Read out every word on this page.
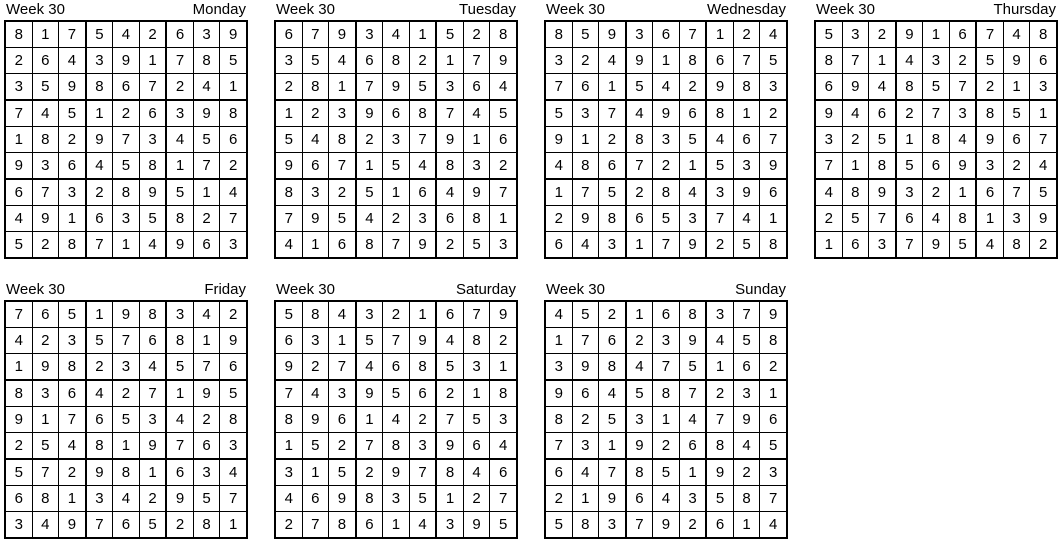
Week 30	Monday
8	1	7	5	4	2	6	3	9
2	6	4	3	9	1	7	8	5
3	5	9	8	6	7	2	4	1
7	4	5	1	2	6	3	9	8
1	8	2	9	7	3	4	5	6
9	3	6	4	5	8	1	7	2
6	7	3	2	8	9	5	1	4
4	9	1	6	3	5	8	2	7
5	2	8	7	1	4	9	6	3
Week 30	Tuesday
6	7	9	3	4	1	5	2	8
3	5	4	6	8	2	1	7	9
2	8	1	7	9	5	3	6	4
1	2	3	9	6	8	7	4	5
5	4	8	2	3	7	9	1	6
9	6	7	1	5	4	8	3	2
8	3	2	5	1	6	4	9	7
7	9	5	4	2	3	6	8	1
4	1	6	8	7	9	2	5	3
Week 30	Wednesday
8	5	9	3	6	7	1	2	4
3	2	4	9	1	8	6	7	5
7	6	1	5	4	2	9	8	3
5	3	7	4	9	6	8	1	2
9	1	2	8	3	5	4	6	7
4	8	6	7	2	1	5	3	9
1	7	5	2	8	4	3	9	6
2	9	8	6	5	3	7	4	1
6	4	3	1	7	9	2	5	8
Week 30	Thursday
5	3	2	9	1	6	7	4	8
8	7	1	4	3	2	5	9	6
6	9	4	8	5	7	2	1	3
9	4	6	2	7	3	8	5	1
3	2	5	1	8	4	9	6	7
7	1	8	5	6	9	3	2	4
4	8	9	3	2	1	6	7	5
2	5	7	6	4	8	1	3	9
1	6	3	7	9	5	4	8	2
Week 30	Friday
7	6	5	1	9	8	3	4	2
4	2	3	5	7	6	8	1	9
1	9	8	2	3	4	5	7	6
8	3	6	4	2	7	1	9	5
9	1	7	6	5	3	4	2	8
2	5	4	8	1	9	7	6	3
5	7	2	9	8	1	6	3	4
6	8	1	3	4	2	9	5	7
3	4	9	7	6	5	2	8	1
Week 30	Saturday
5	8	4	3	2	1	6	7	9
6	3	1	5	7	9	4	8	2
9	2	7	4	6	8	5	3	1
7	4	3	9	5	6	2	1	8
8	9	6	1	4	2	7	5	3
1	5	2	7	8	3	9	6	4
3	1	5	2	9	7	8	4	6
4	6	9	8	3	5	1	2	7
2	7	8	6	1	4	3	9	5
Week 30	Sunday
4	5	2	1	6	8	3	7	9
1	7	6	2	3	9	4	5	8
3	9	8	4	7	5	1	6	2
9	6	4	5	8	7	2	3	1
8	2	5	3	1	4	7	9	6
7	3	1	9	2	6	8	4	5
6	4	7	8	5	1	9	2	3
2	1	9	6	4	3	5	8	7
5	8	3	7	9	2	6	1	4
